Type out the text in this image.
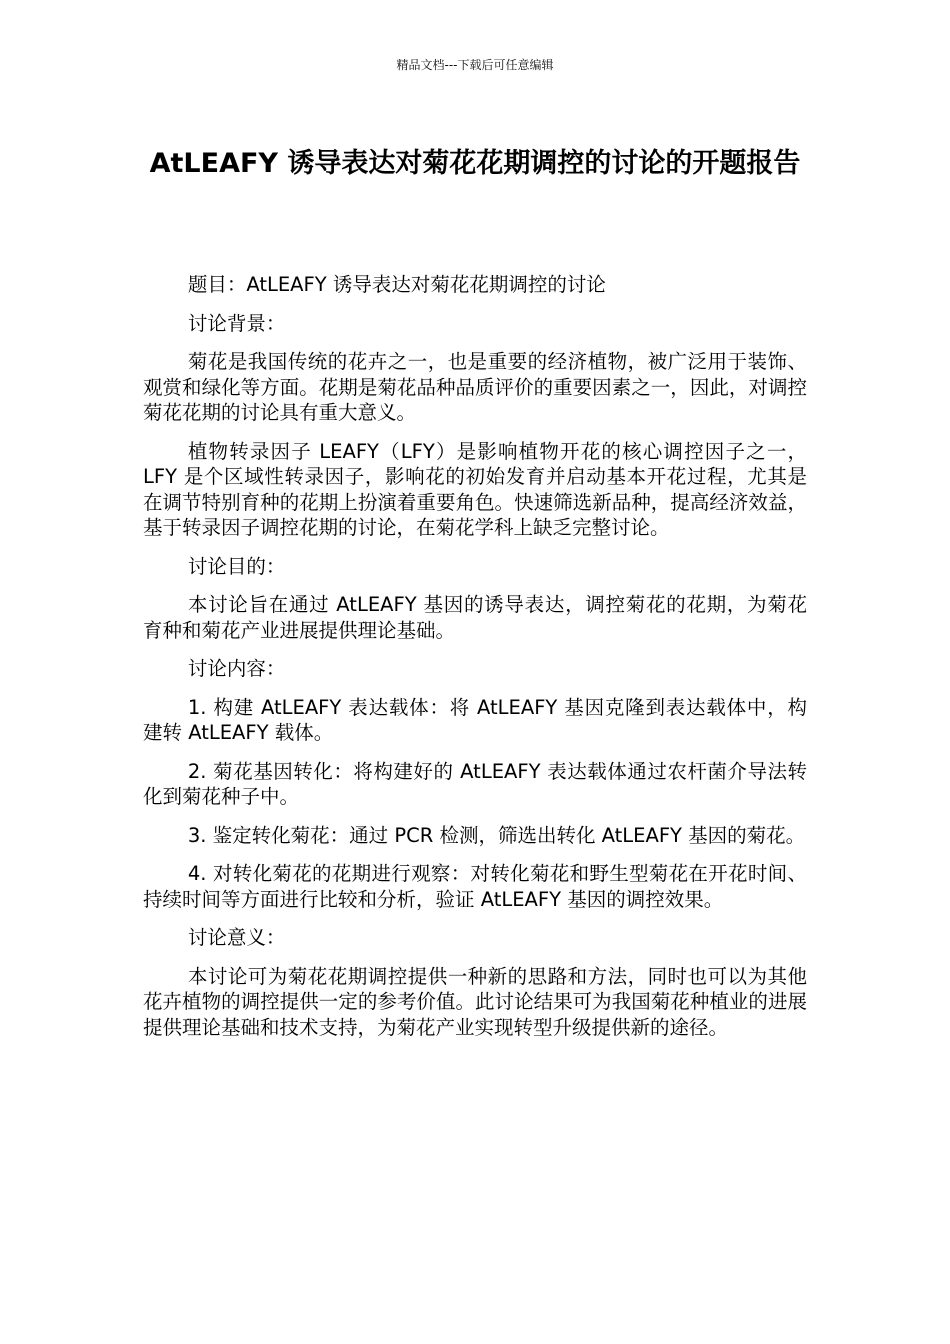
精品文档---下载后可任意编辑
AtLEAFY 诱导表达对菊花花期调控的讨论的开题报告

题目：AtLEAFY 诱导表达对菊花花期调控的讨论

讨论背景：

菊花是我国传统的花卉之一，也是重要的经济植物，被广泛用于装饰、观赏和绿化等方面。花期是菊花品种品质评价的重要因素之一，因此，对调控菊花花期的讨论具有重大意义。

植物转录因子 LEAFY（LFY）是影响植物开花的核心调控因子之一，LFY 是个区域性转录因子，影响花的初始发育并启动基本开花过程，尤其是在调节特别育种的花期上扮演着重要角色。快速筛选新品种，提高经济效益，基于转录因子调控花期的讨论，在菊花学科上缺乏完整讨论。

讨论目的：

本讨论旨在通过 AtLEAFY 基因的诱导表达，调控菊花的花期，为菊花育种和菊花产业进展提供理论基础。

讨论内容：

1. 构建 AtLEAFY 表达载体：将 AtLEAFY 基因克隆到表达载体中，构建转 AtLEAFY 载体。

2. 菊花基因转化：将构建好的 AtLEAFY 表达载体通过农杆菌介导法转化到菊花种子中。

3. 鉴定转化菊花：通过 PCR 检测，筛选出转化 AtLEAFY 基因的菊花。

4. 对转化菊花的花期进行观察：对转化菊花和野生型菊花在开花时间、持续时间等方面进行比较和分析，验证 AtLEAFY 基因的调控效果。

讨论意义：

本讨论可为菊花花期调控提供一种新的思路和方法，同时也可以为其他花卉植物的调控提供一定的参考价值。此讨论结果可为我国菊花种植业的进展提供理论基础和技术支持，为菊花产业实现转型升级提供新的途径。
